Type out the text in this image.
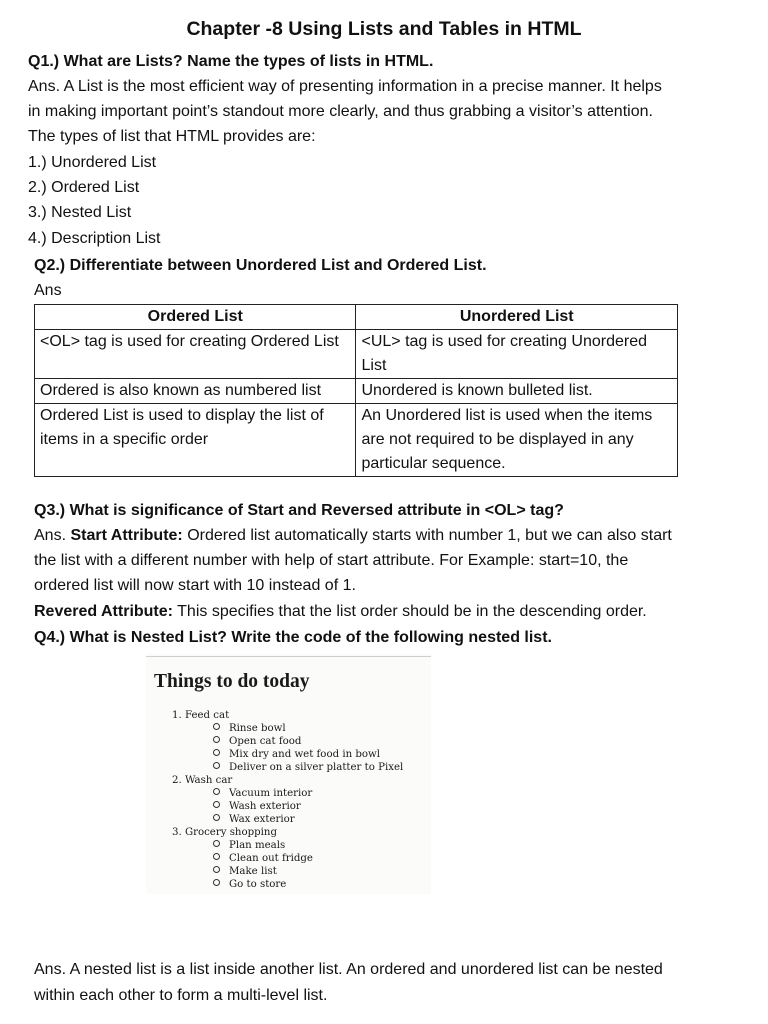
Chapter -8 Using Lists and Tables in HTML
Q1.) What are Lists? Name the types of lists in HTML.
Ans. A List is the most efficient way of presenting information in a precise manner. It helps
in making important point’s standout more clearly, and thus grabbing a visitor’s attention.
The types of list that HTML provides are:
1.) Unordered List
2.) Ordered List
3.) Nested List
4.) Description List
Q2.) Differentiate between Unordered List and Ordered List.
Ans
Ordered List	Unordered List
<OL> tag is used for creating Ordered List	<UL> tag is used for creating Unordered List
Ordered is also known as numbered list	Unordered is known bulleted list.
Ordered List is used to display the list of items in a specific order	An Unordered list is used when the items are not required to be displayed in any particular sequence.
Q3.) What is significance of Start and Reversed attribute in <OL> tag?
Ans. Start Attribute: Ordered list automatically starts with number 1, but we can also start
the list with a different number with help of start attribute. For Example: start=10, the
ordered list will now start with 10 instead of 1.
Revered Attribute: This specifies that the list order should be in the descending order.
Q4.) What is Nested List? Write the code of the following nested list.
Things to do today
1. Feed cat
Rinse bowl
Open cat food
Mix dry and wet food in bowl
Deliver on a silver platter to Pixel
2. Wash car
Vacuum interior
Wash exterior
Wax exterior
3. Grocery shopping
Plan meals
Clean out fridge
Make list
Go to store
Ans. A nested list is a list inside another list. An ordered and unordered list can be nested
within each other to form a multi-level list.
